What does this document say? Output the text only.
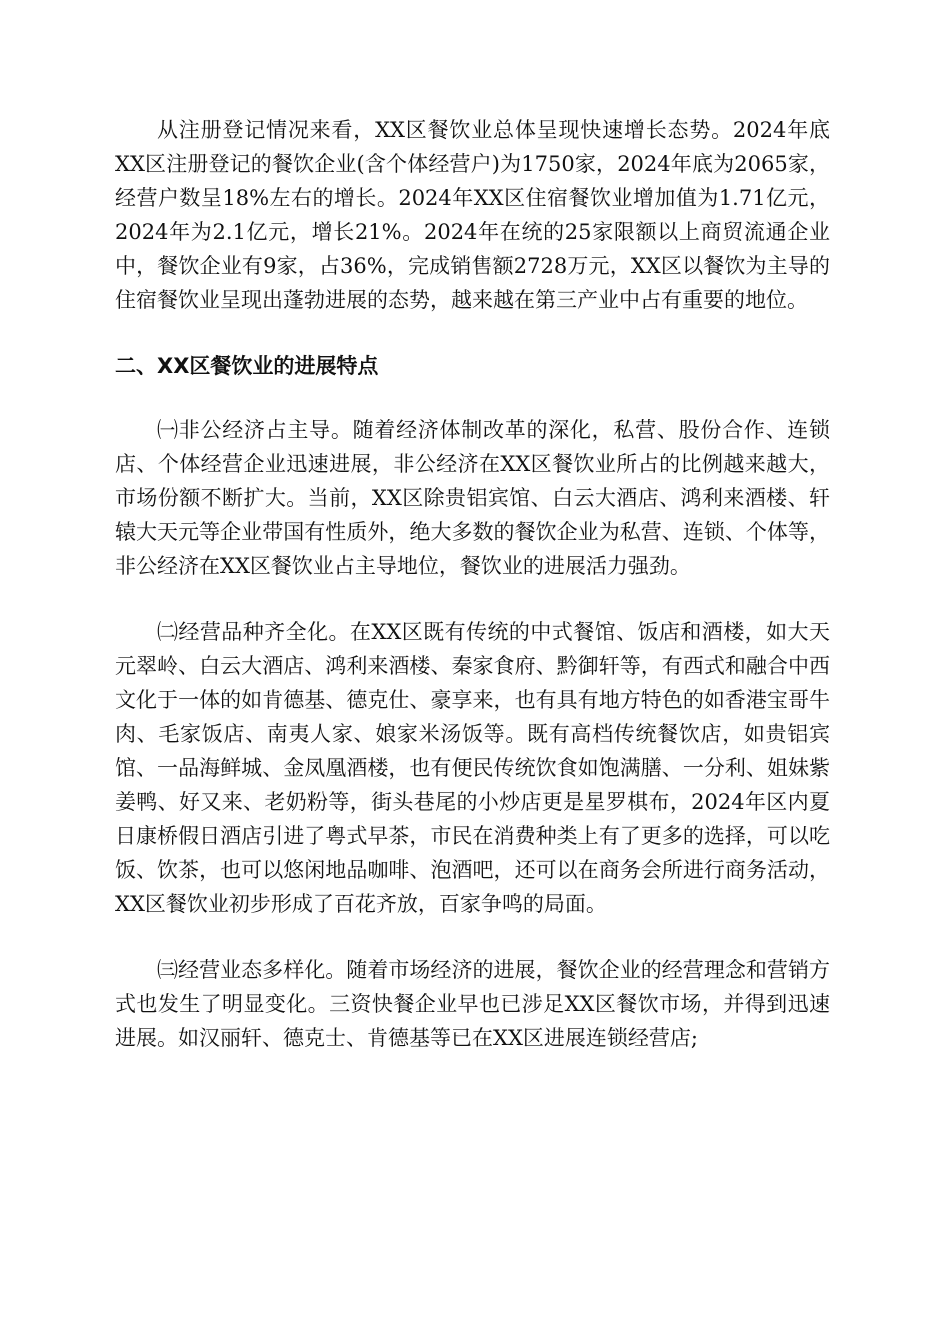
从注册登记情况来看，XX区餐饮业总体呈现快速增长态势。2024年底XX区注册登记的餐饮企业(含个体经营户)为1750家，2024年底为2065家，经营户数呈18%左右的增长。2024年XX区住宿餐饮业增加值为1.71亿元，2024年为2.1亿元，增长21%。2024年在统的25家限额以上商贸流通企业中，餐饮企业有9家，占36%，完成销售额2728万元，XX区以餐饮为主导的住宿餐饮业呈现出蓬勃进展的态势，越来越在第三产业中占有重要的地位。

二、XX区餐饮业的进展特点

㈠非公经济占主导。随着经济体制改革的深化，私营、股份合作、连锁店、个体经营企业迅速进展，非公经济在XX区餐饮业所占的比例越来越大，市场份额不断扩大。当前，XX区除贵铝宾馆、白云大酒店、鸿利来酒楼、轩辕大天元等企业带国有性质外，绝大多数的餐饮企业为私营、连锁、个体等，非公经济在XX区餐饮业占主导地位，餐饮业的进展活力强劲。

㈡经营品种齐全化。在XX区既有传统的中式餐馆、饭店和酒楼，如大天元翠岭、白云大酒店、鸿利来酒楼、秦家食府、黔御轩等，有西式和融合中西文化于一体的如肯德基、德克仕、豪享来，也有具有地方特色的如香港宝哥牛肉、毛家饭店、南夷人家、娘家米汤饭等。既有高档传统餐饮店，如贵铝宾馆、一品海鲜城、金凤凰酒楼，也有便民传统饮食如饱满膳、一分利、姐妹紫姜鸭、好又来、老奶粉等，街头巷尾的小炒店更是星罗棋布，2024年区内夏日康桥假日酒店引进了粤式早茶，市民在消费种类上有了更多的选择，可以吃饭、饮茶，也可以悠闲地品咖啡、泡酒吧，还可以在商务会所进行商务活动，XX区餐饮业初步形成了百花齐放，百家争鸣的局面。

㈢经营业态多样化。随着市场经济的进展，餐饮企业的经营理念和营销方式也发生了明显变化。三资快餐企业早也已涉足XX区餐饮市场，并得到迅速进展。如汉丽轩、德克士、肯德基等已在XX区进展连锁经营店;
